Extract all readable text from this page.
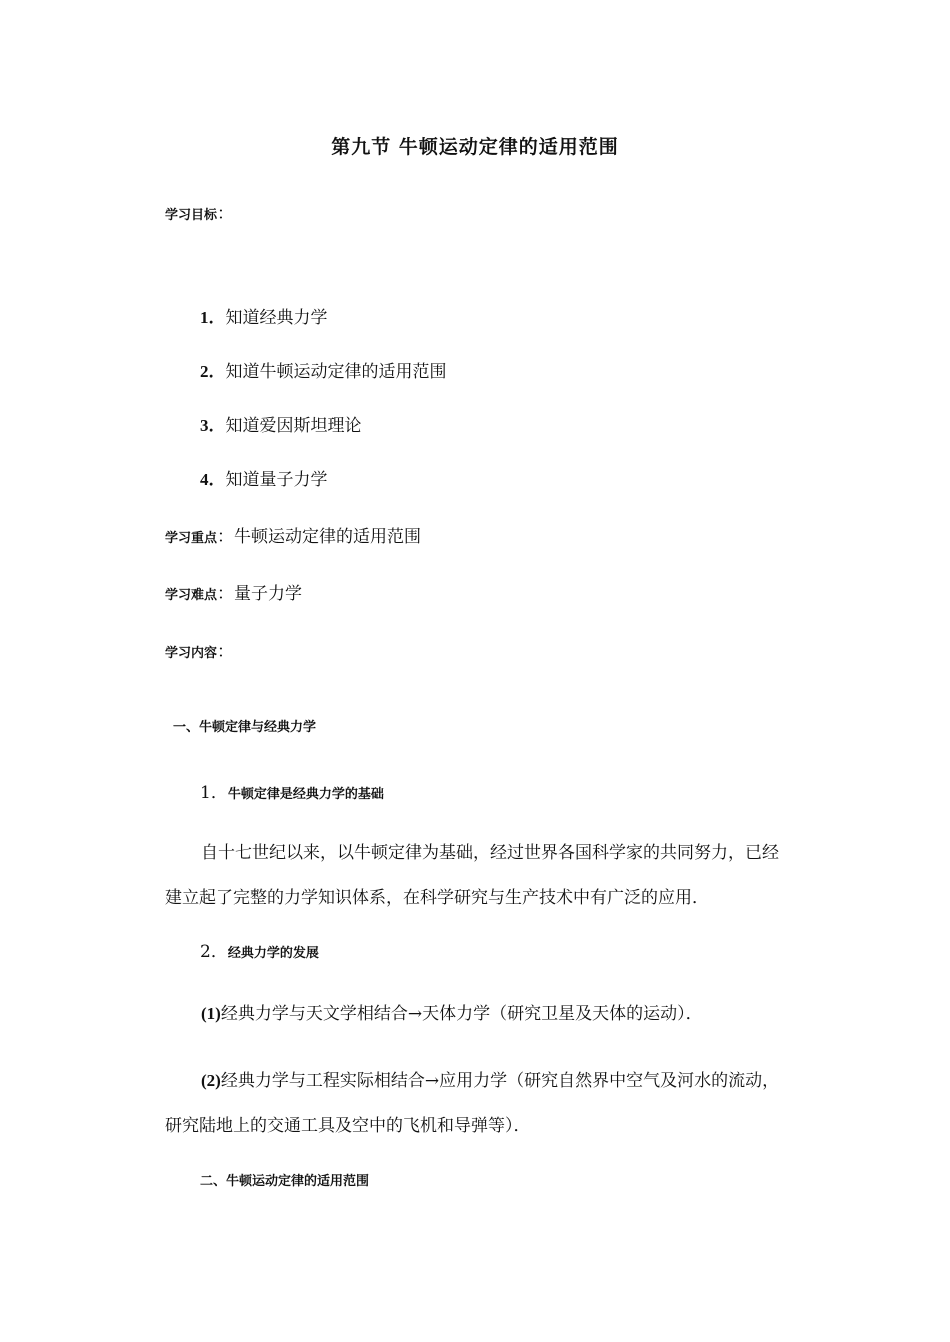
第九节 牛顿运动定律的适用范围
学习目标：
1．知道经典力学
2．知道牛顿运动定律的适用范围
3．知道爱因斯坦理论
4．知道量子力学
学习重点：牛顿运动定律的适用范围
学习难点：量子力学
学习内容：
一、牛顿定律与经典力学
1．牛顿定律是经典力学的基础
自十七世纪以来，以牛顿定律为基础，经过世界各国科学家的共同努力，已经建立起了完整的力学知识体系，在科学研究与生产技术中有广泛的应用．
2．经典力学的发展
(1)经典力学与天文学相结合→天体力学（研究卫星及天体的运动）．
(2)经典力学与工程实际相结合→应用力学（研究自然界中空气及河水的流动，研究陆地上的交通工具及空中的飞机和导弹等）．
二、牛顿运动定律的适用范围
